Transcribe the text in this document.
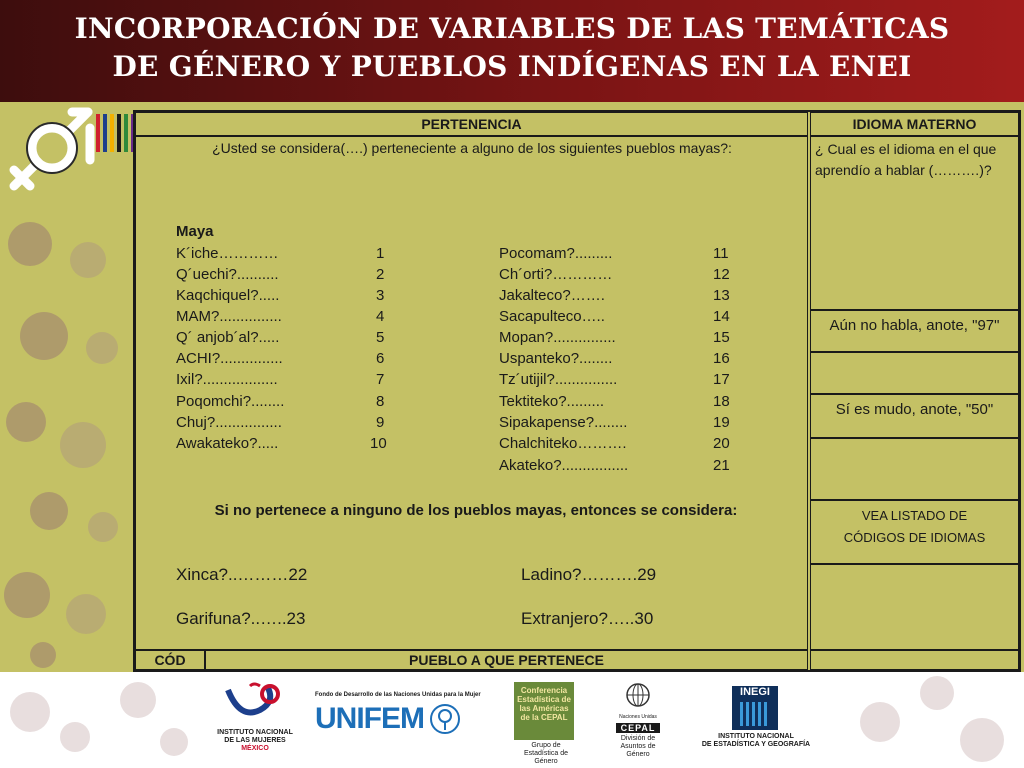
INCORPORACIÓN DE VARIABLES DE LAS TEMÁTICAS
DE GÉNERO Y PUEBLOS INDÍGENAS EN LA ENEI
PERTENENCIA	IDIOMA MATERNO
¿Usted se considera(….) perteneciente a alguno de los siguientes pueblos mayas?:
Maya
K´iche…………	1
Q´uechi?..........	2
Kaqchiquel?.....	3
MAM?...............	4
Q´ anjob´al?.....	5
ACHI?...............	6
Ixil?..................	7
Poqomchi?........	8
Chuj?................	9
Awakateko?.....	10
Pocomam?.........	11
Ch´orti?…………	12
Jakalteco?…….	13
Sacapulteco…..	14
Mopan?...............	15
Uspanteko?........	16
Tz´utijil?...............	17
Tektiteko?.........	18
Sipakapense?........	19
Chalchiteko……….	20
Akateko?................	21
Si no pertenece a ninguno de los pueblos mayas, entonces se considera:
Xinca?..………22	Ladino?……….29
Garifuna?..…..23	Extranjero?…..30
¿ Cual es el idioma en el que aprendío a hablar (……….)?
Aún no habla, anote, "97"
Sí es mudo, anote, "50"
VEA LISTADO DE CÓDIGOS DE IDIOMAS
CÓD	PUEBLO A QUE PERTENECE
INSTITUTO NACIONAL DE LAS MUJERES
MÉXICO
Fondo de Desarrollo de las Naciones Unidas para la Mujer
UNIFEM
Conferencia Estadística de las Américas de la CEPAL
Grupo de Estadística de Género
Naciones Unidas
CEPAL
División de Asuntos de Género
INEGI
INSTITUTO NACIONAL
DE ESTADÍSTICA Y GEOGRAFÍA
